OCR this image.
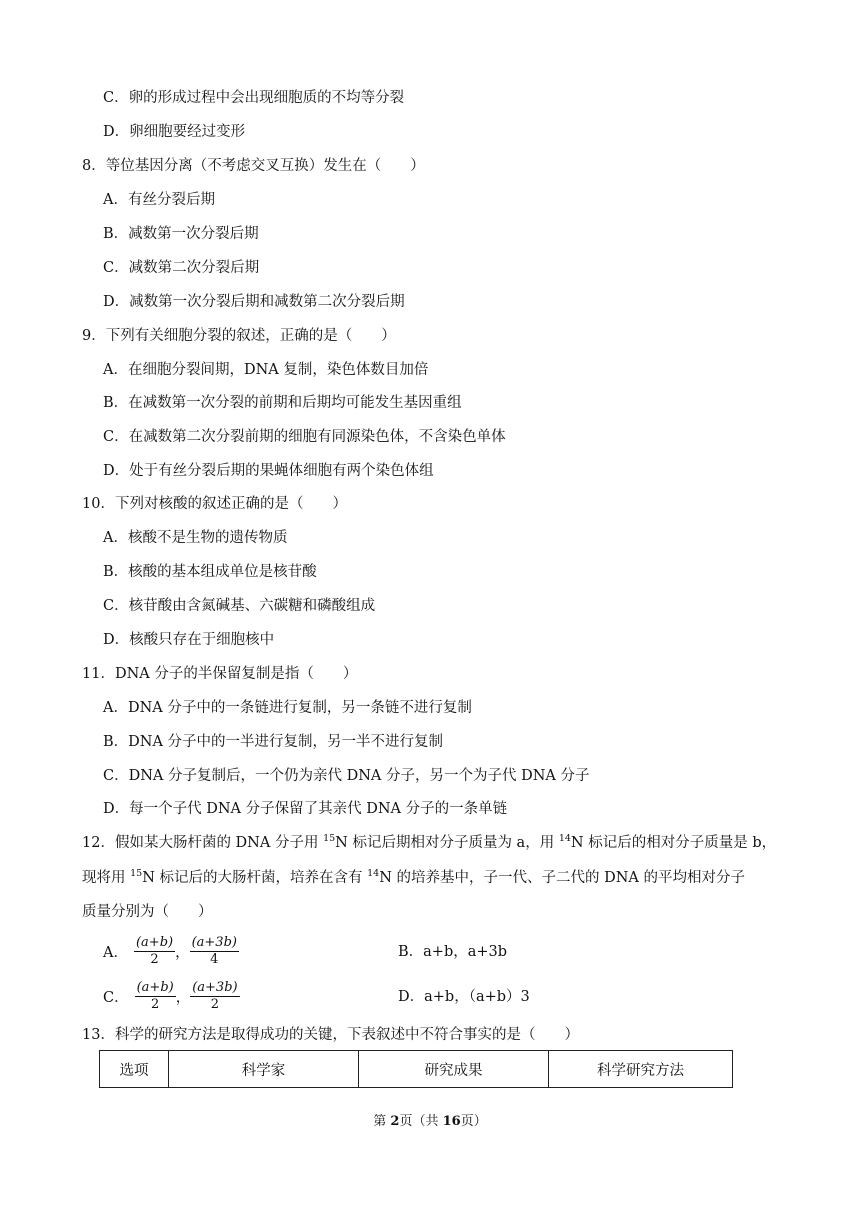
C．卵的形成过程中会出现细胞质的不均等分裂
D．卵细胞要经过变形
8．等位基因分离（不考虑交叉互换）发生在（　　）
A．有丝分裂后期
B．减数第一次分裂后期
C．减数第二次分裂后期
D．减数第一次分裂后期和减数第二次分裂后期
9．下列有关细胞分裂的叙述，正确的是（　　）
A．在细胞分裂间期，DNA 复制，染色体数目加倍
B．在减数第一次分裂的前期和后期均可能发生基因重组
C．在减数第二次分裂前期的细胞有同源染色体，不含染色单体
D．处于有丝分裂后期的果蝇体细胞有两个染色体组
10．下列对核酸的叙述正确的是（　　）
A．核酸不是生物的遗传物质
B．核酸的基本组成单位是核苷酸
C．核苷酸由含氮碱基、六碳糖和磷酸组成
D．核酸只存在于细胞核中
11．DNA 分子的半保留复制是指（　　）
A．DNA 分子中的一条链进行复制，另一条链不进行复制
B．DNA 分子中的一半进行复制，另一半不进行复制
C．DNA 分子复制后，一个仍为亲代 DNA 分子，另一个为子代 DNA 分子
D．每一个子代 DNA 分子保留了其亲代 DNA 分子的一条单链
12．假如某大肠杆菌的 DNA 分子用 $^{15}$N 标记后期相对分子质量为 a，用 $^{14}$N 标记后的相对分子质量是 b，
现将用 $^{15}$N 标记后的大肠杆菌，培养在含有 $^{14}$N 的培养基中，子一代、子二代的 DNA 的平均相对分子
质量分别为（　　）
A． $\frac{(a+b)}{2}$ ， $\frac{(a+3b)}{4}$	B．a+b，a+3b
C． $\frac{(a+b)}{2}$ ， $\frac{(a+3b)}{2}$	D．a+b，（a+b）3
13．科学的研究方法是取得成功的关键，下表叙述中不符合事实的是（　　）
选项	科学家	研究成果	科学研究方法
第 2页（共 16页）
